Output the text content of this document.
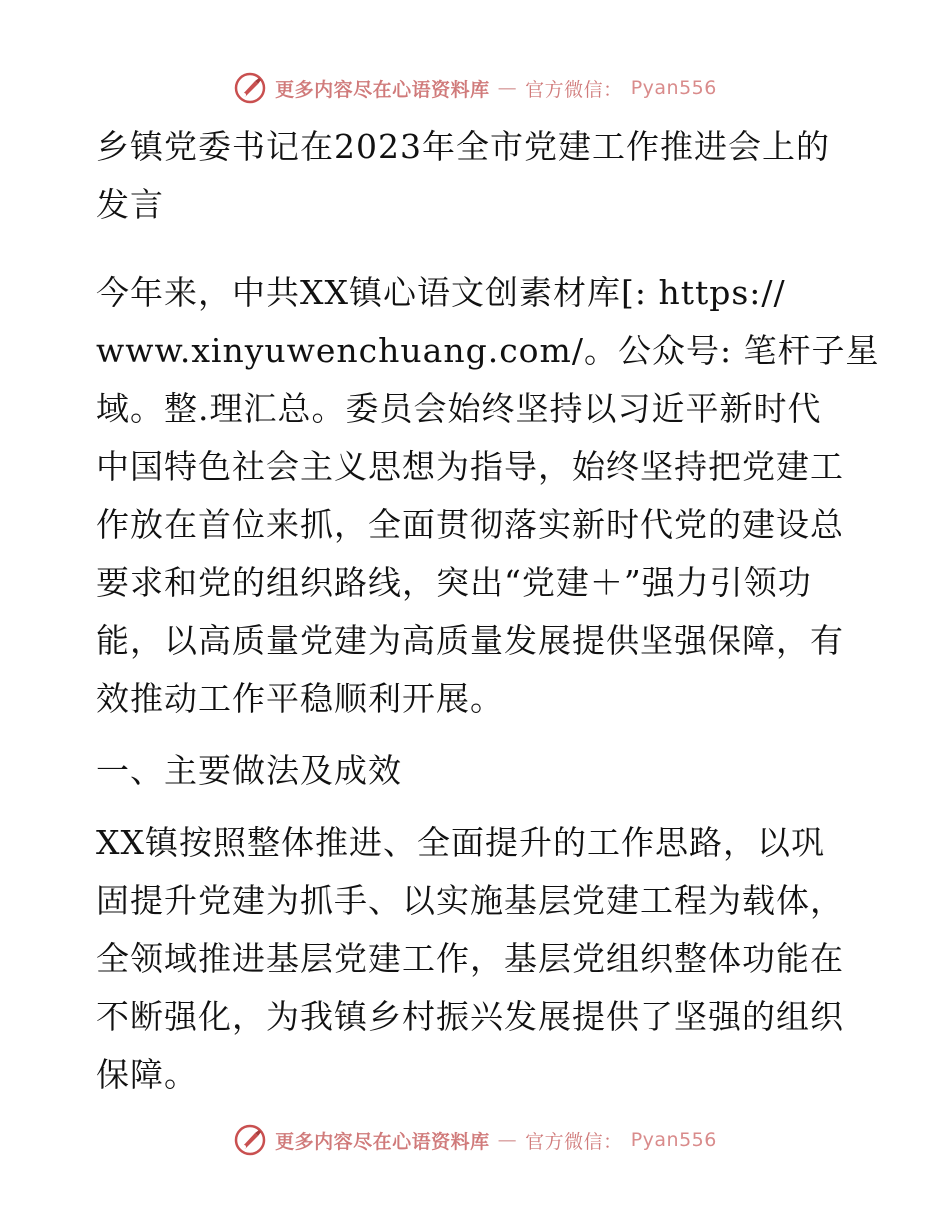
更多内容尽在心语资料库 — 官方微信： Pyan556

乡镇党委书记在2023年全市党建工作推进会上的
发言

今年来，中共XX镇心语文创素材库[: https://
www.xinyuwenchuang.com/。公众号: 笔杆子星
域。整.理汇总。委员会始终坚持以习近平新时代
中国特色社会主义思想为指导，始终坚持把党建工
作放在首位来抓，全面贯彻落实新时代党的建设总
要求和党的组织路线，突出“党建＋”强力引领功
能，以高质量党建为高质量发展提供坚强保障，有
效推动工作平稳顺利开展。

一、主要做法及成效

XX镇按照整体推进、全面提升的工作思路，以巩
固提升党建为抓手、以实施基层党建工程为载体，
全领域推进基层党建工作，基层党组织整体功能在
不断强化，为我镇乡村振兴发展提供了坚强的组织
保障。

更多内容尽在心语资料库 — 官方微信： Pyan556
